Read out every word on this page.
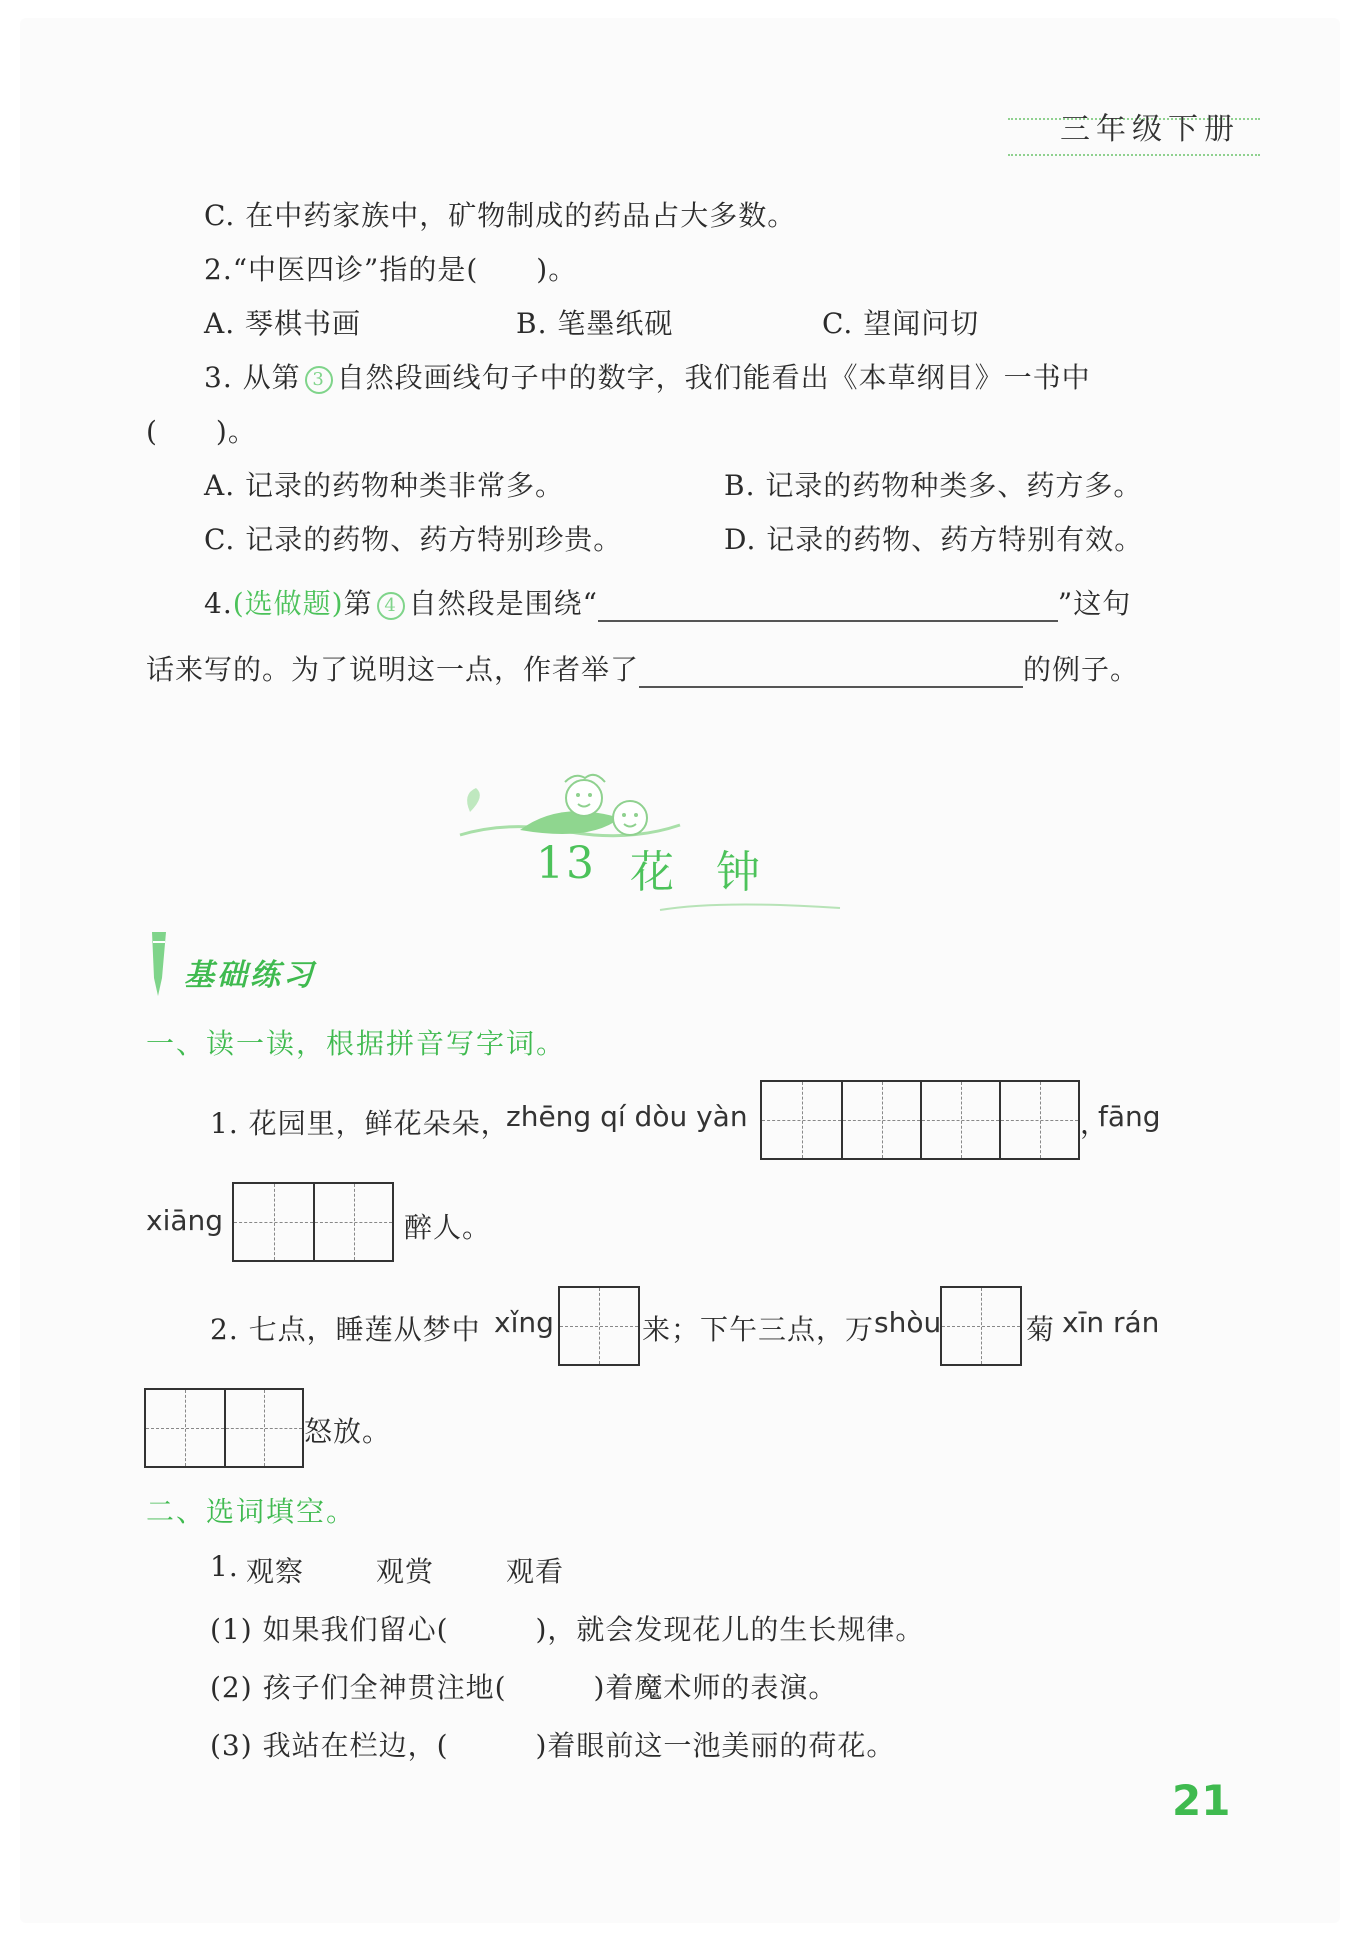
三年级下册
C. 在中药家族中，矿物制成的药品占大多数。
2.“中医四诊”指的是(　　)。
A. 琴棋书画	B. 笔墨纸砚	C. 望闻问切
3. 从第 3 自然段画线句子中的数字，我们能看出《本草纲目》一书中
(　　)。
A. 记录的药物种类非常多。	B. 记录的药物种类多、药方多。
C. 记录的药物、药方特别珍贵。	D. 记录的药物、药方特别有效。
4.(选做题)第 4 自然段是围绕“	”这句
话来写的。为了说明这一点，作者举了	的例子。
13 花钟
基础练习
一、读一读，根据拼音写字词。
1. 花园里，鲜花朵朵，
zhēng qí dòu yàn	，
fāng
xiāng	醉人。
2. 七点，睡莲从梦中 xǐng	来；下午三点，万 shòu	菊 xīn rán
怒放。
二、选词填空。
1. 观察	观赏	观看
(1) 如果我们留心(　　　)，就会发现花儿的生长规律。
(2) 孩子们全神贯注地(　　　)着魔术师的表演。
(3) 我站在栏边，(　　　)着眼前这一池美丽的荷花。
21
